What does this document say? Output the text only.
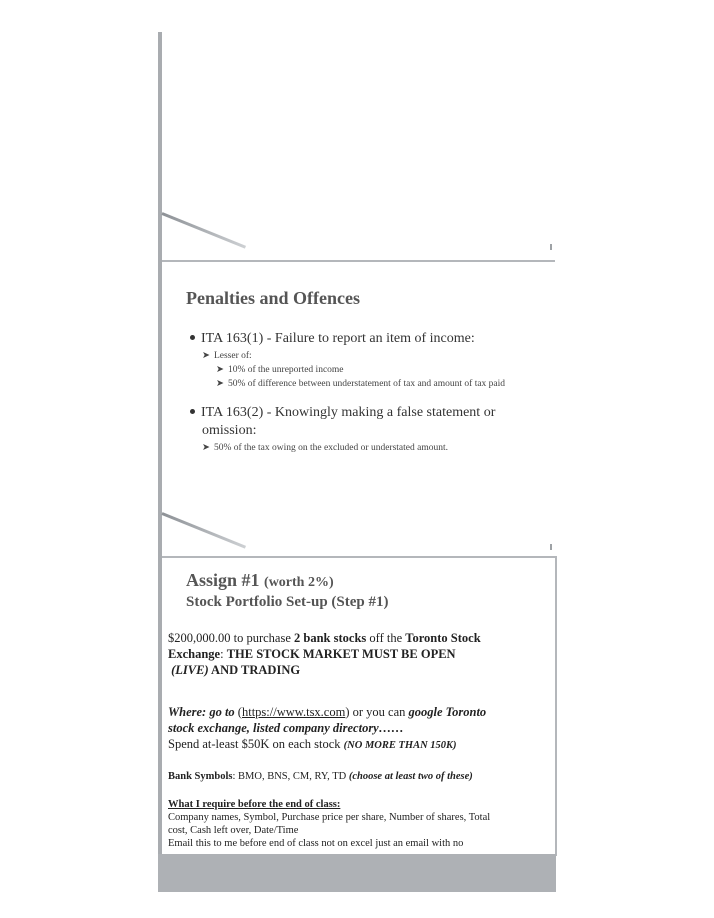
Penalties and Offences
ITA 163(1) - Failure to report an item of income:
➤ Lesser of:
➤ 10% of the unreported income
➤ 50% of difference between understatement of tax and amount of tax paid
ITA 163(2) - Knowingly making a false statement or
omission:
➤ 50% of the tax owing on the excluded or understated amount.
Assign #1 (worth 2%)
Stock Portfolio Set-up (Step #1)
$200,000.00 to purchase 2 bank stocks off the Toronto Stock
Exchange: THE STOCK MARKET MUST BE OPEN
(LIVE) AND TRADING
Where: go to (https://www.tsx.com) or you can google Toronto
stock exchange, listed company directory……
Spend at-least $50K on each stock (NO MORE THAN 150K)
Bank Symbols: BMO, BNS, CM, RY, TD (choose at least two of these)
What I require before the end of class:
Company names, Symbol, Purchase price per share, Number of shares, Total
cost, Cash left over, Date/Time
Email this to me before end of class not on excel just an email with no
